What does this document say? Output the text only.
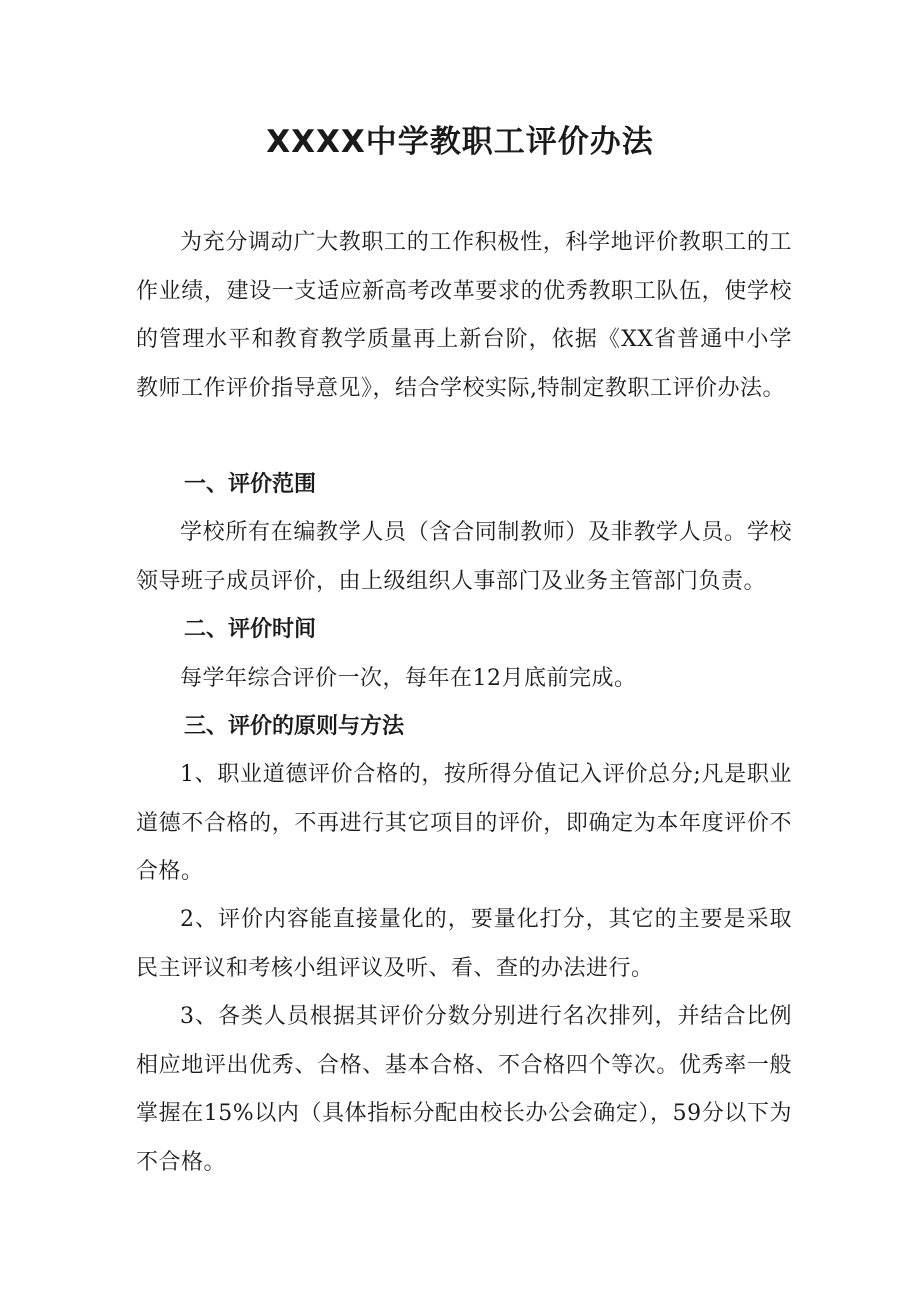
XXXX中学教职工评价办法

为充分调动广大教职工的工作积极性，科学地评价教职工的工作业绩，建设一支适应新高考改革要求的优秀教职工队伍，使学校的管理水平和教育教学质量再上新台阶，依据《XX省普通中小学教师工作评价指导意见》，结合学校实际,特制定教职工评价办法。

一、评价范围

学校所有在编教学人员（含合同制教师）及非教学人员。学校领导班子成员评价，由上级组织人事部门及业务主管部门负责。

二、评价时间

每学年综合评价一次，每年在12月底前完成。

三、评价的原则与方法

1、职业道德评价合格的，按所得分值记入评价总分;凡是职业道德不合格的，不再进行其它项目的评价，即确定为本年度评价不合格。

2、评价内容能直接量化的，要量化打分，其它的主要是采取民主评议和考核小组评议及听、看、查的办法进行。

3、各类人员根据其评价分数分别进行名次排列，并结合比例相应地评出优秀、合格、基本合格、不合格四个等次。优秀率一般掌握在15%以内（具体指标分配由校长办公会确定），59分以下为不合格。
